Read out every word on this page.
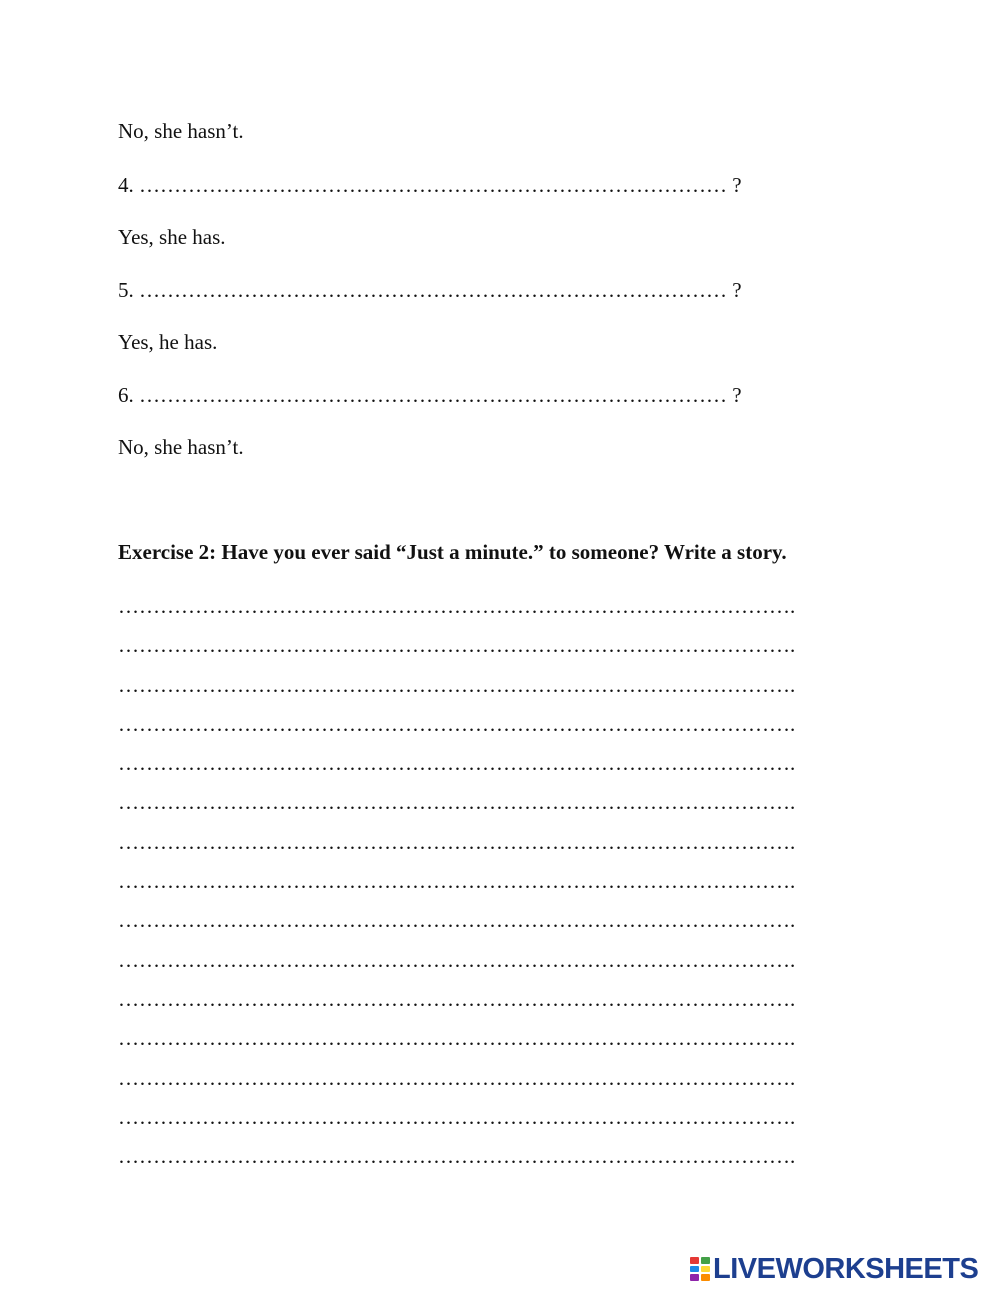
No, she hasn’t.
4. ………………………………………………………………………… ?
Yes, she has.
5. ………………………………………………………………………… ?
Yes, he has.
6. ………………………………………………………………………… ?
No, she hasn’t.
Exercise 2: Have you ever said “Just a minute.” to someone? Write a story.
…………………………………………………………………………………….
…………………………………………………………………………………….
…………………………………………………………………………………….
…………………………………………………………………………………….
…………………………………………………………………………………….
…………………………………………………………………………………….
…………………………………………………………………………………….
…………………………………………………………………………………….
…………………………………………………………………………………….
…………………………………………………………………………………….
…………………………………………………………………………………….
…………………………………………………………………………………….
…………………………………………………………………………………….
…………………………………………………………………………………….
…………………………………………………………………………………….
LIVEWORKSHEETS
